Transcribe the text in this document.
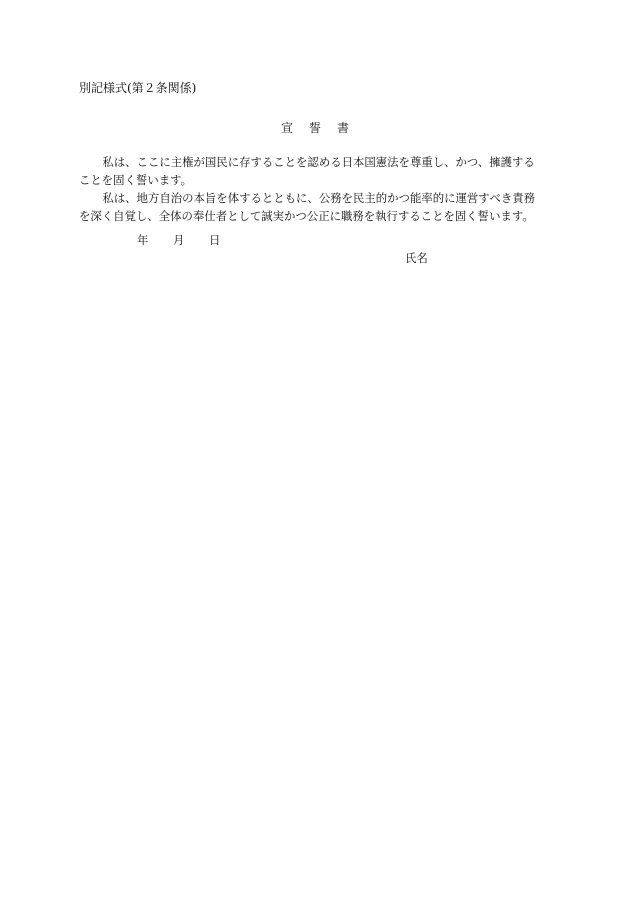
別記様式(第２条関係)
宣 誓 書

私は、ここに主権が国民に存することを認める日本国憲法を尊重し、かつ、擁護する

ことを固く誓います。

私は、地方自治の本旨を体するとともに、公務を民主的かつ能率的に運営すべき責務

を深く自覚し、全体の奉仕者として誠実かつ公正に職務を執行することを固く誓います。

年 月 日
氏名
